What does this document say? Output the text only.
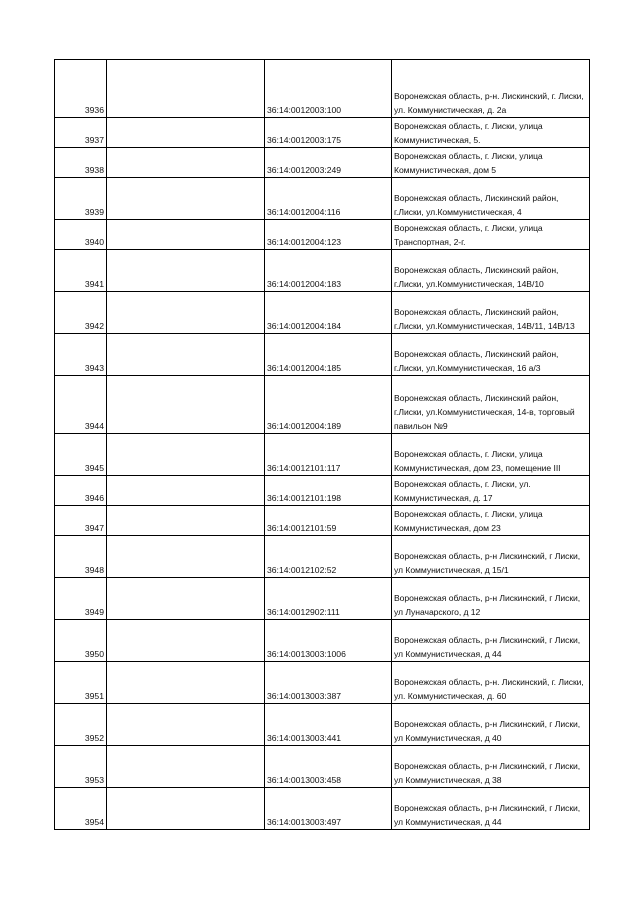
3936		36:14:0012003:100	Воронежская область, р-н. Лискинский, г. Лиски, ул. Коммунистическая, д. 2а
3937		36:14:0012003:175	Воронежская область, г. Лиски, улица Коммунистическая, 5.
3938		36:14:0012003:249	Воронежская область, г. Лиски, улица Коммунистическая, дом 5
3939		36:14:0012004:116	Воронежская область, Лискинский район, г.Лиски, ул.Коммунистическая, 4
3940		36:14:0012004:123	Воронежская область, г. Лиски, улица Транспортная, 2-г.
3941		36:14:0012004:183	Воронежская область, Лискинский район, г.Лиски, ул.Коммунистическая, 14В/10
3942		36:14:0012004:184	Воронежская область, Лискинский район, г.Лиски, ул.Коммунистическая, 14В/11, 14В/13
3943		36:14:0012004:185	Воронежская область, Лискинский район, г.Лиски, ул.Коммунистическая, 16 а/3
3944		36:14:0012004:189	Воронежская область, Лискинский район, г.Лиски, ул.Коммунистическая, 14-в, торговый павильон №9
3945		36:14:0012101:117	Воронежская область, г. Лиски, улица Коммунистическая, дом 23, помещение III
3946		36:14:0012101:198	Воронежская область, г. Лиски, ул. Коммунистическая, д. 17
3947		36:14:0012101:59	Воронежская область, г. Лиски, улица Коммунистическая, дом 23
3948		36:14:0012102:52	Воронежская область, р-н Лискинский, г Лиски, ул Коммунистическая, д 15/1
3949		36:14:0012902:111	Воронежская область, р-н Лискинский, г Лиски, ул Луначарского, д 12
3950		36:14:0013003:1006	Воронежская область, р-н Лискинский, г Лиски, ул Коммунистическая, д 44
3951		36:14:0013003:387	Воронежская область, р-н. Лискинский, г. Лиски, ул. Коммунистическая, д. 60
3952		36:14:0013003:441	Воронежская область, р-н Лискинский, г Лиски, ул Коммунистическая, д 40
3953		36:14:0013003:458	Воронежская область, р-н Лискинский, г Лиски, ул Коммунистическая, д 38
3954		36:14:0013003:497	Воронежская область, р-н Лискинский, г Лиски, ул Коммунистическая, д 44
